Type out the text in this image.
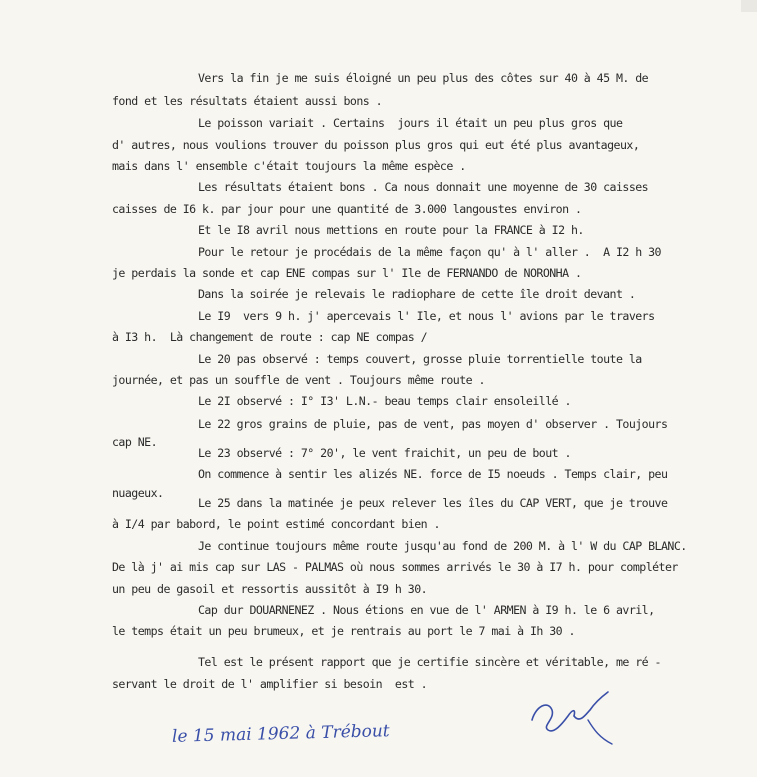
Vers la fin je me suis éloigné un peu plus des côtes sur 40 à 45 M. de
fond et les résultats étaient aussi bons .
Le poisson variait . Certains  jours il était un peu plus gros que
d' autres, nous voulions trouver du poisson plus gros qui eut été plus avantageux,
mais dans l' ensemble c'était toujours la même espèce .
Les résultats étaient bons . Ca nous donnait une moyenne de 30 caisses
caisses de I6 k. par jour pour une quantité de 3.000 langoustes environ .
Et le I8 avril nous mettions en route pour la FRANCE à I2 h.
Pour le retour je procédais de la même façon qu' à l' aller .  A I2 h 30
je perdais la sonde et cap ENE compas sur l' Ile de FERNANDO de NORONHA .
Dans la soirée je relevais le radiophare de cette île droit devant .
Le I9  vers 9 h. j' apercevais l' Ile, et nous l' avions par le travers
à I3 h.  Là changement de route : cap NE compas /
Le 20 pas observé : temps couvert, grosse pluie torrentielle toute la
journée, et pas un souffle de vent . Toujours même route .
Le 2I observé : I° I3' L.N.- beau temps clair ensoleillé .
Le 22 gros grains de pluie, pas de vent, pas moyen d' observer . Toujours
cap NE.
Le 23 observé : 7° 20', le vent fraichit, un peu de bout .
On commence à sentir les alizés NE. force de I5 noeuds . Temps clair, peu
nuageux.
Le 25 dans la matinée je peux relever les îles du CAP VERT, que je trouve
à I/4 par babord, le point estimé concordant bien .
Je continue toujours même route jusqu'au fond de 200 M. à l' W du CAP BLANC.
De là j' ai mis cap sur LAS - PALMAS où nous sommes arrivés le 30 à I7 h. pour compléter
un peu de gasoil et ressortis aussitôt à I9 h 30.
Cap dur DOUARNENEZ . Nous étions en vue de l' ARMEN à I9 h. le 6 avril,
le temps était un peu brumeux, et je rentrais au port le 7 mai à Ih 30 .
Tel est le présent rapport que je certifie sincère et véritable, me ré -
servant le droit de l' amplifier si besoin  est .
le 15 mai 1962 à Trébout
